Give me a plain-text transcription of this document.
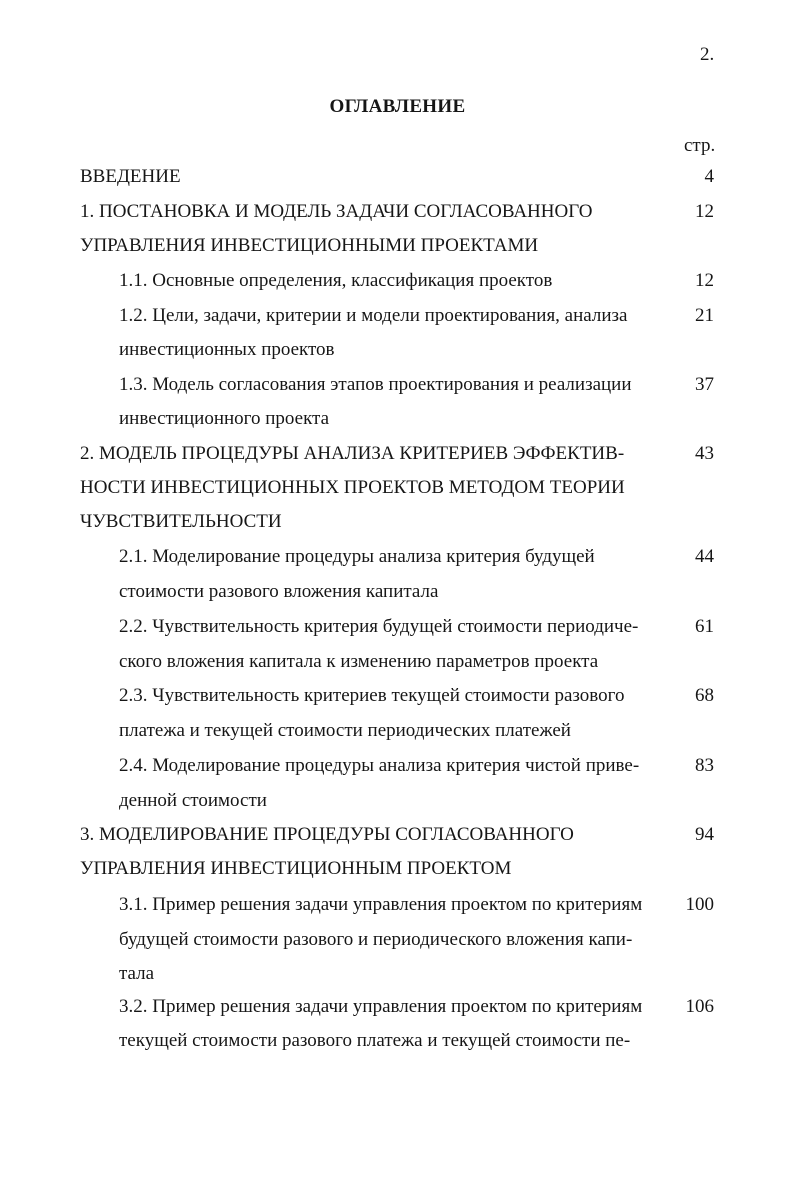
2.
ОГЛАВЛЕНИЕ
стр.
ВВЕДЕНИЕ	4
1. ПОСТАНОВКА И МОДЕЛЬ ЗАДАЧИ СОГЛАСОВАННОГО
УПРАВЛЕНИЯ ИНВЕСТИЦИОННЫМИ ПРОЕКТАМИ
12
1.1. Основные определения, классификация проектов	12
1.2. Цели, задачи, критерии и модели проектирования, анализа
инвестиционных проектов
21
1.3. Модель согласования этапов проектирования и реализации
инвестиционного проекта
37
2. МОДЕЛЬ ПРОЦЕДУРЫ АНАЛИЗА КРИТЕРИЕВ ЭФФЕКТИВ-
НОСТИ ИНВЕСТИЦИОННЫХ ПРОЕКТОВ МЕТОДОМ ТЕОРИИ
ЧУВСТВИТЕЛЬНОСТИ
43
2.1. Моделирование процедуры анализа критерия будущей
стоимости разового вложения капитала
44
2.2. Чувствительность критерия будущей стоимости периодиче-
ского вложения капитала к изменению параметров проекта
61
2.3. Чувствительность критериев текущей стоимости разового
платежа и текущей стоимости периодических платежей
68
2.4. Моделирование процедуры анализа критерия чистой приве-
денной стоимости
83
3. МОДЕЛИРОВАНИЕ ПРОЦЕДУРЫ СОГЛАСОВАННОГО
УПРАВЛЕНИЯ ИНВЕСТИЦИОННЫМ ПРОЕКТОМ
94
3.1. Пример решения задачи управления проектом по критериям
будущей стоимости разового и периодического вложения капи-
тала
100
3.2. Пример решения задачи управления проектом по критериям
текущей стоимости разового платежа и текущей стоимости пе-
106
